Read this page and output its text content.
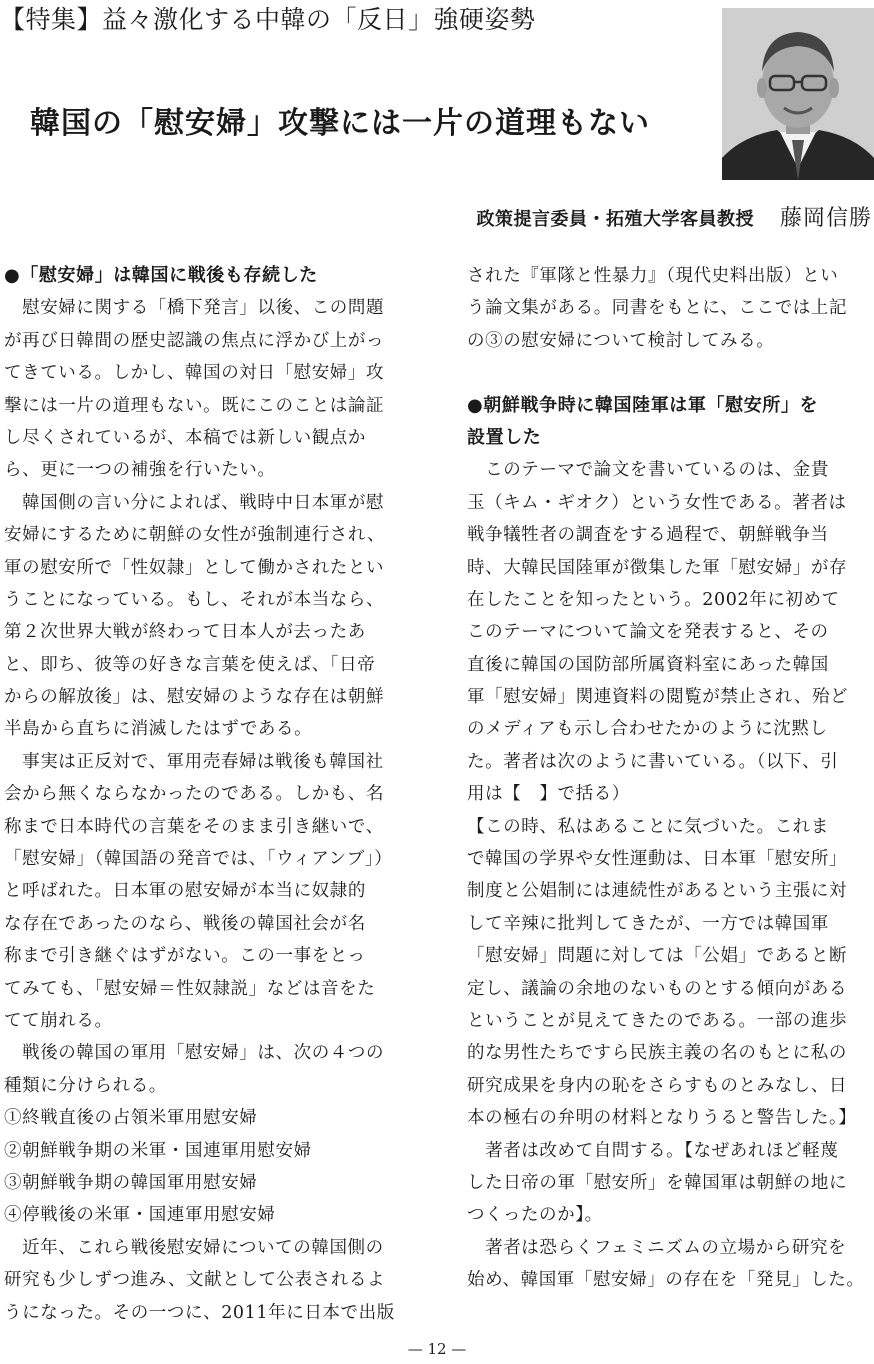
【特集】益々激化する中韓の「反日」強硬姿勢
韓国の「慰安婦」攻撃には一片の道理もない
政策提言委員・拓殖大学客員教授 藤岡信勝
●「慰安婦」は韓国に戦後も存続した
　慰安婦に関する「橋下発言」以後、この問題
が再び日韓間の歴史認識の焦点に浮かび上がっ
てきている。しかし、韓国の対日「慰安婦」攻
撃には一片の道理もない。既にこのことは論証
し尽くされているが、本稿では新しい観点か
ら、更に一つの補強を行いたい。
　韓国側の言い分によれば、戦時中日本軍が慰
安婦にするために朝鮮の女性が強制連行され、
軍の慰安所で「性奴隷」として働かされたとい
うことになっている。もし、それが本当なら、
第２次世界大戦が終わって日本人が去ったあ
と、即ち、彼等の好きな言葉を使えば、「日帝
からの解放後」は、慰安婦のような存在は朝鮮
半島から直ちに消滅したはずである。
　事実は正反対で、軍用売春婦は戦後も韓国社
会から無くならなかったのである。しかも、名
称まで日本時代の言葉をそのまま引き継いで、
「慰安婦」（韓国語の発音では、「ウィアンブ」）
と呼ばれた。日本軍の慰安婦が本当に奴隷的
な存在であったのなら、戦後の韓国社会が名
称まで引き継ぐはずがない。この一事をとっ
てみても、「慰安婦＝性奴隷説」などは音をた
てて崩れる。
　戦後の韓国の軍用「慰安婦」は、次の４つの
種類に分けられる。
①終戦直後の占領米軍用慰安婦
②朝鮮戦争期の米軍・国連軍用慰安婦
③朝鮮戦争期の韓国軍用慰安婦
④停戦後の米軍・国連軍用慰安婦
　近年、これら戦後慰安婦についての韓国側の
研究も少しずつ進み、文献として公表されるよ
うになった。その一つに、2011年に日本で出版
された『軍隊と性暴力』（現代史料出版）とい
う論文集がある。同書をもとに、ここでは上記
の③の慰安婦について検討してみる。
●朝鮮戦争時に韓国陸軍は軍「慰安所」を
設置した
　このテーマで論文を書いているのは、金貴
玉（キム・ギオク）という女性である。著者は
戦争犠牲者の調査をする過程で、朝鮮戦争当
時、大韓民国陸軍が徴集した軍「慰安婦」が存
在したことを知ったという。2002年に初めて
このテーマについて論文を発表すると、その
直後に韓国の国防部所属資料室にあった韓国
軍「慰安婦」関連資料の閲覧が禁止され、殆ど
のメディアも示し合わせたかのように沈黙し
た。著者は次のように書いている。（以下、引
用は【　】で括る）
【この時、私はあることに気づいた。これま
で韓国の学界や女性運動は、日本軍「慰安所」
制度と公娼制には連続性があるという主張に対
して辛辣に批判してきたが、一方では韓国軍
「慰安婦」問題に対しては「公娼」であると断
定し、議論の余地のないものとする傾向がある
ということが見えてきたのである。一部の進歩
的な男性たちですら民族主義の名のもとに私の
研究成果を身内の恥をさらすものとみなし、日
本の極右の弁明の材料となりうると警告した。】
　著者は改めて自問する。【なぜあれほど軽蔑
した日帝の軍「慰安所」を韓国軍は朝鮮の地に
つくったのか】。
　著者は恐らくフェミニズムの立場から研究を
始め、韓国軍「慰安婦」の存在を「発見」した。
— 12 —
